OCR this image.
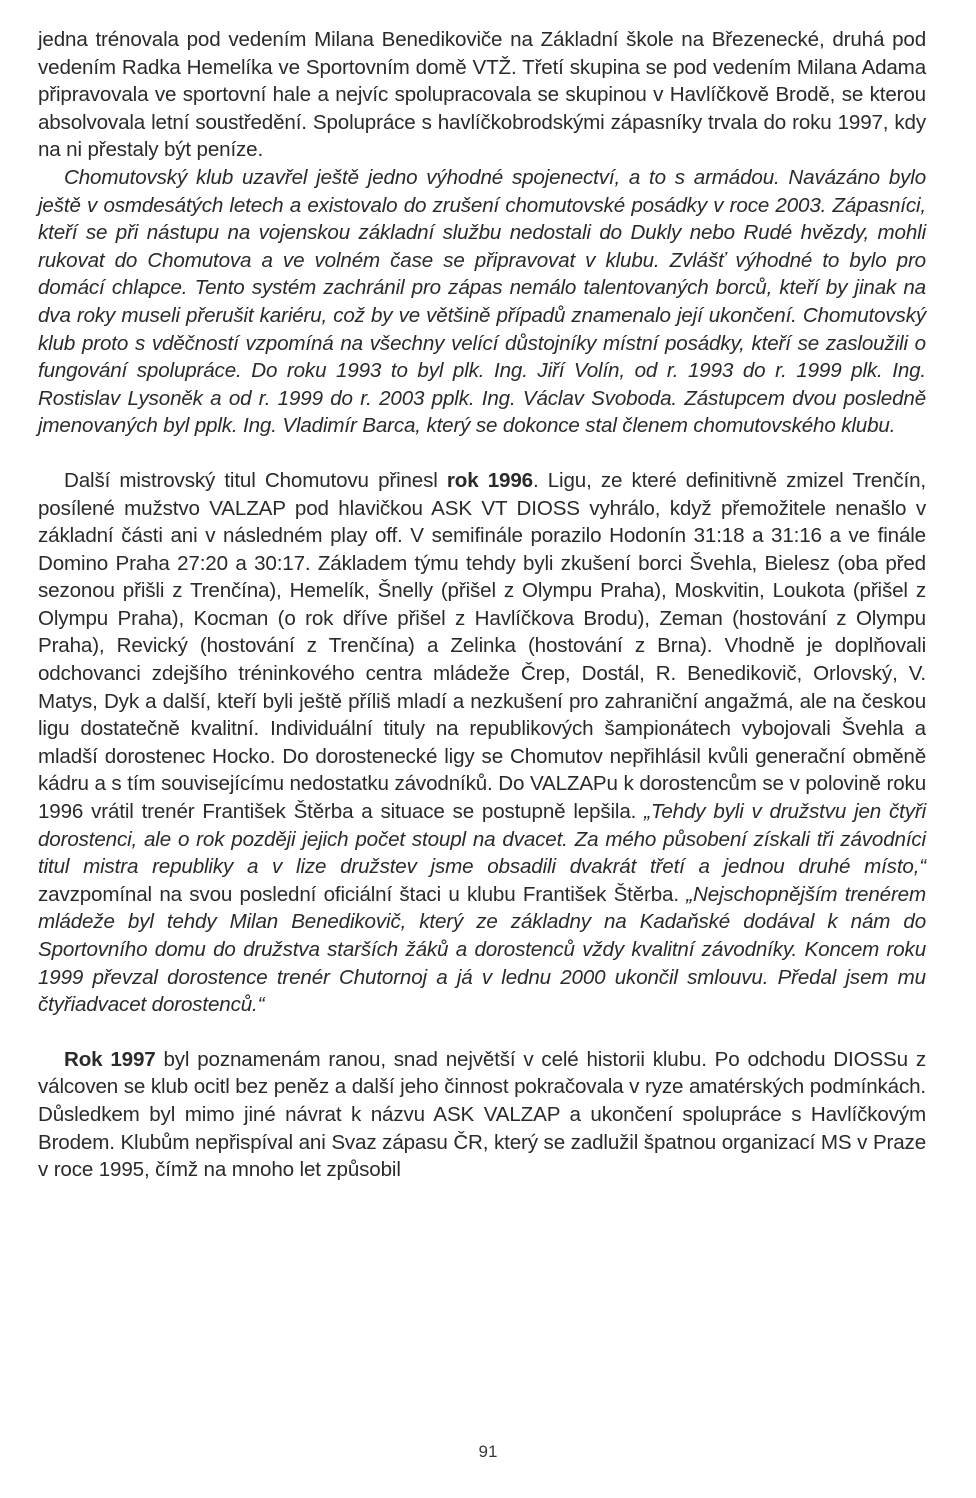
jedna trénovala pod vedením Milana Benedikoviče na Základní škole na Březenecké, druhá pod vedením Radka Hemelíka ve Sportovním domě VTŽ. Třetí skupina se pod vedením Milana Adama připravovala ve sportovní hale a nejvíc spolupracovala se skupinou v Havlíčkově Brodě, se kterou absolvovala letní soustředění. Spolupráce s havlíčkobrodskými zápasníky trvala do roku 1997, kdy na ni přestaly být peníze.

Chomutovský klub uzavřel ještě jedno výhodné spojenectví, a to s armádou. Navázáno bylo ještě v osmdesátých letech a existovalo do zrušení chomutovské posádky v roce 2003. Zápasníci, kteří se při nástupu na vojenskou základní službu nedostali do Dukly nebo Rudé hvězdy, mohli rukovat do Chomutova a ve volném čase se připravovat v klubu. Zvlášť výhodné to bylo pro domácí chlapce. Tento systém zachránil pro zápas nemálo talentovaných borců, kteří by jinak na dva roky museli přerušit kariéru, což by ve většině případů znamenalo její ukončení. Chomutovský klub proto s vděčností vzpomíná na všechny velící důstojníky místní posádky, kteří se zasloužili o fungování spolupráce. Do roku 1993 to byl plk. Ing. Jiří Volín, od r. 1993 do r. 1999 plk. Ing. Rostislav Lysoněk a od r. 1999 do r. 2003 pplk. Ing. Václav Svoboda. Zástupcem dvou posledně jmenovaných byl pplk. Ing. Vladimír Barca, který se dokonce stal členem chomutovského klubu.

Další mistrovský titul Chomutovu přinesl rok 1996. Ligu, ze které definitivně zmizel Trenčín, posílené mužstvo VALZAP pod hlavičkou ASK VT DIOSS vyhrálo, když přemožitele nenašlo v základní části ani v následném play off. V semifinále porazilo Hodonín 31:18 a 31:16 a ve finále Domino Praha 27:20 a 30:17. Základem týmu tehdy byli zkušení borci Švehla, Bielesz (oba před sezonou přišli z Trenčína), Hemelík, Šnelly (přišel z Olympu Praha), Moskvitin, Loukota (přišel z Olympu Praha), Kocman (o rok dříve přišel z Havlíčkova Brodu), Zeman (hostování z Olympu Praha), Revický (hostování z Trenčína) a Zelinka (hostování z Brna). Vhodně je doplňovali odchovanci zdejšího tréninkového centra mládeže Črep, Dostál, R. Benedikovič, Orlovský, V. Matys, Dyk a další, kteří byli ještě příliš mladí a nezkušení pro zahraniční angažmá, ale na českou ligu dostatečně kvalitní. Individuální tituly na republikových šampionátech vybojovali Švehla a mladší dorostenec Hocko. Do dorostenecké ligy se Chomutov nepřihlásil kvůli generační obměně kádru a s tím souvisejícímu nedostatku závodníků. Do VALZAPu k dorostencům se v polovině roku 1996 vrátil trenér František Štěrba a situace se postupně lepšila. „Tehdy byli v družstvu jen čtyři dorostenci, ale o rok později jejich počet stoupl na dvacet. Za mého působení získali tři závodníci titul mistra republiky a v lize družstev jsme obsadili dvakrát třetí a jednou druhé místo,“ zavzpomínal na svou poslední oficiální štaci u klubu František Štěrba. „Nejschopnějším trenérem mládeže byl tehdy Milan Benedikovič, který ze základny na Kadaňské dodával k nám do Sportovního domu do družstva starších žáků a dorostenců vždy kvalitní závodníky. Koncem roku 1999 převzal dorostence trenér Chutornoj a já v lednu 2000 ukončil smlouvu. Předal jsem mu čtyřiadvacet dorostenců.“

Rok 1997 byl poznamenám ranou, snad největší v celé historii klubu. Po odchodu DIOSSu z válcoven se klub ocitl bez peněz a další jeho činnost pokračovala v ryze amatérských podmínkách. Důsledkem byl mimo jiné návrat k názvu ASK VALZAP a ukončení spolupráce s Havlíčkovým Brodem. Klubům nepřispíval ani Svaz zápasu ČR, který se zadlužil špatnou organizací MS v Praze v roce 1995, čímž na mnoho let způsobil

91
